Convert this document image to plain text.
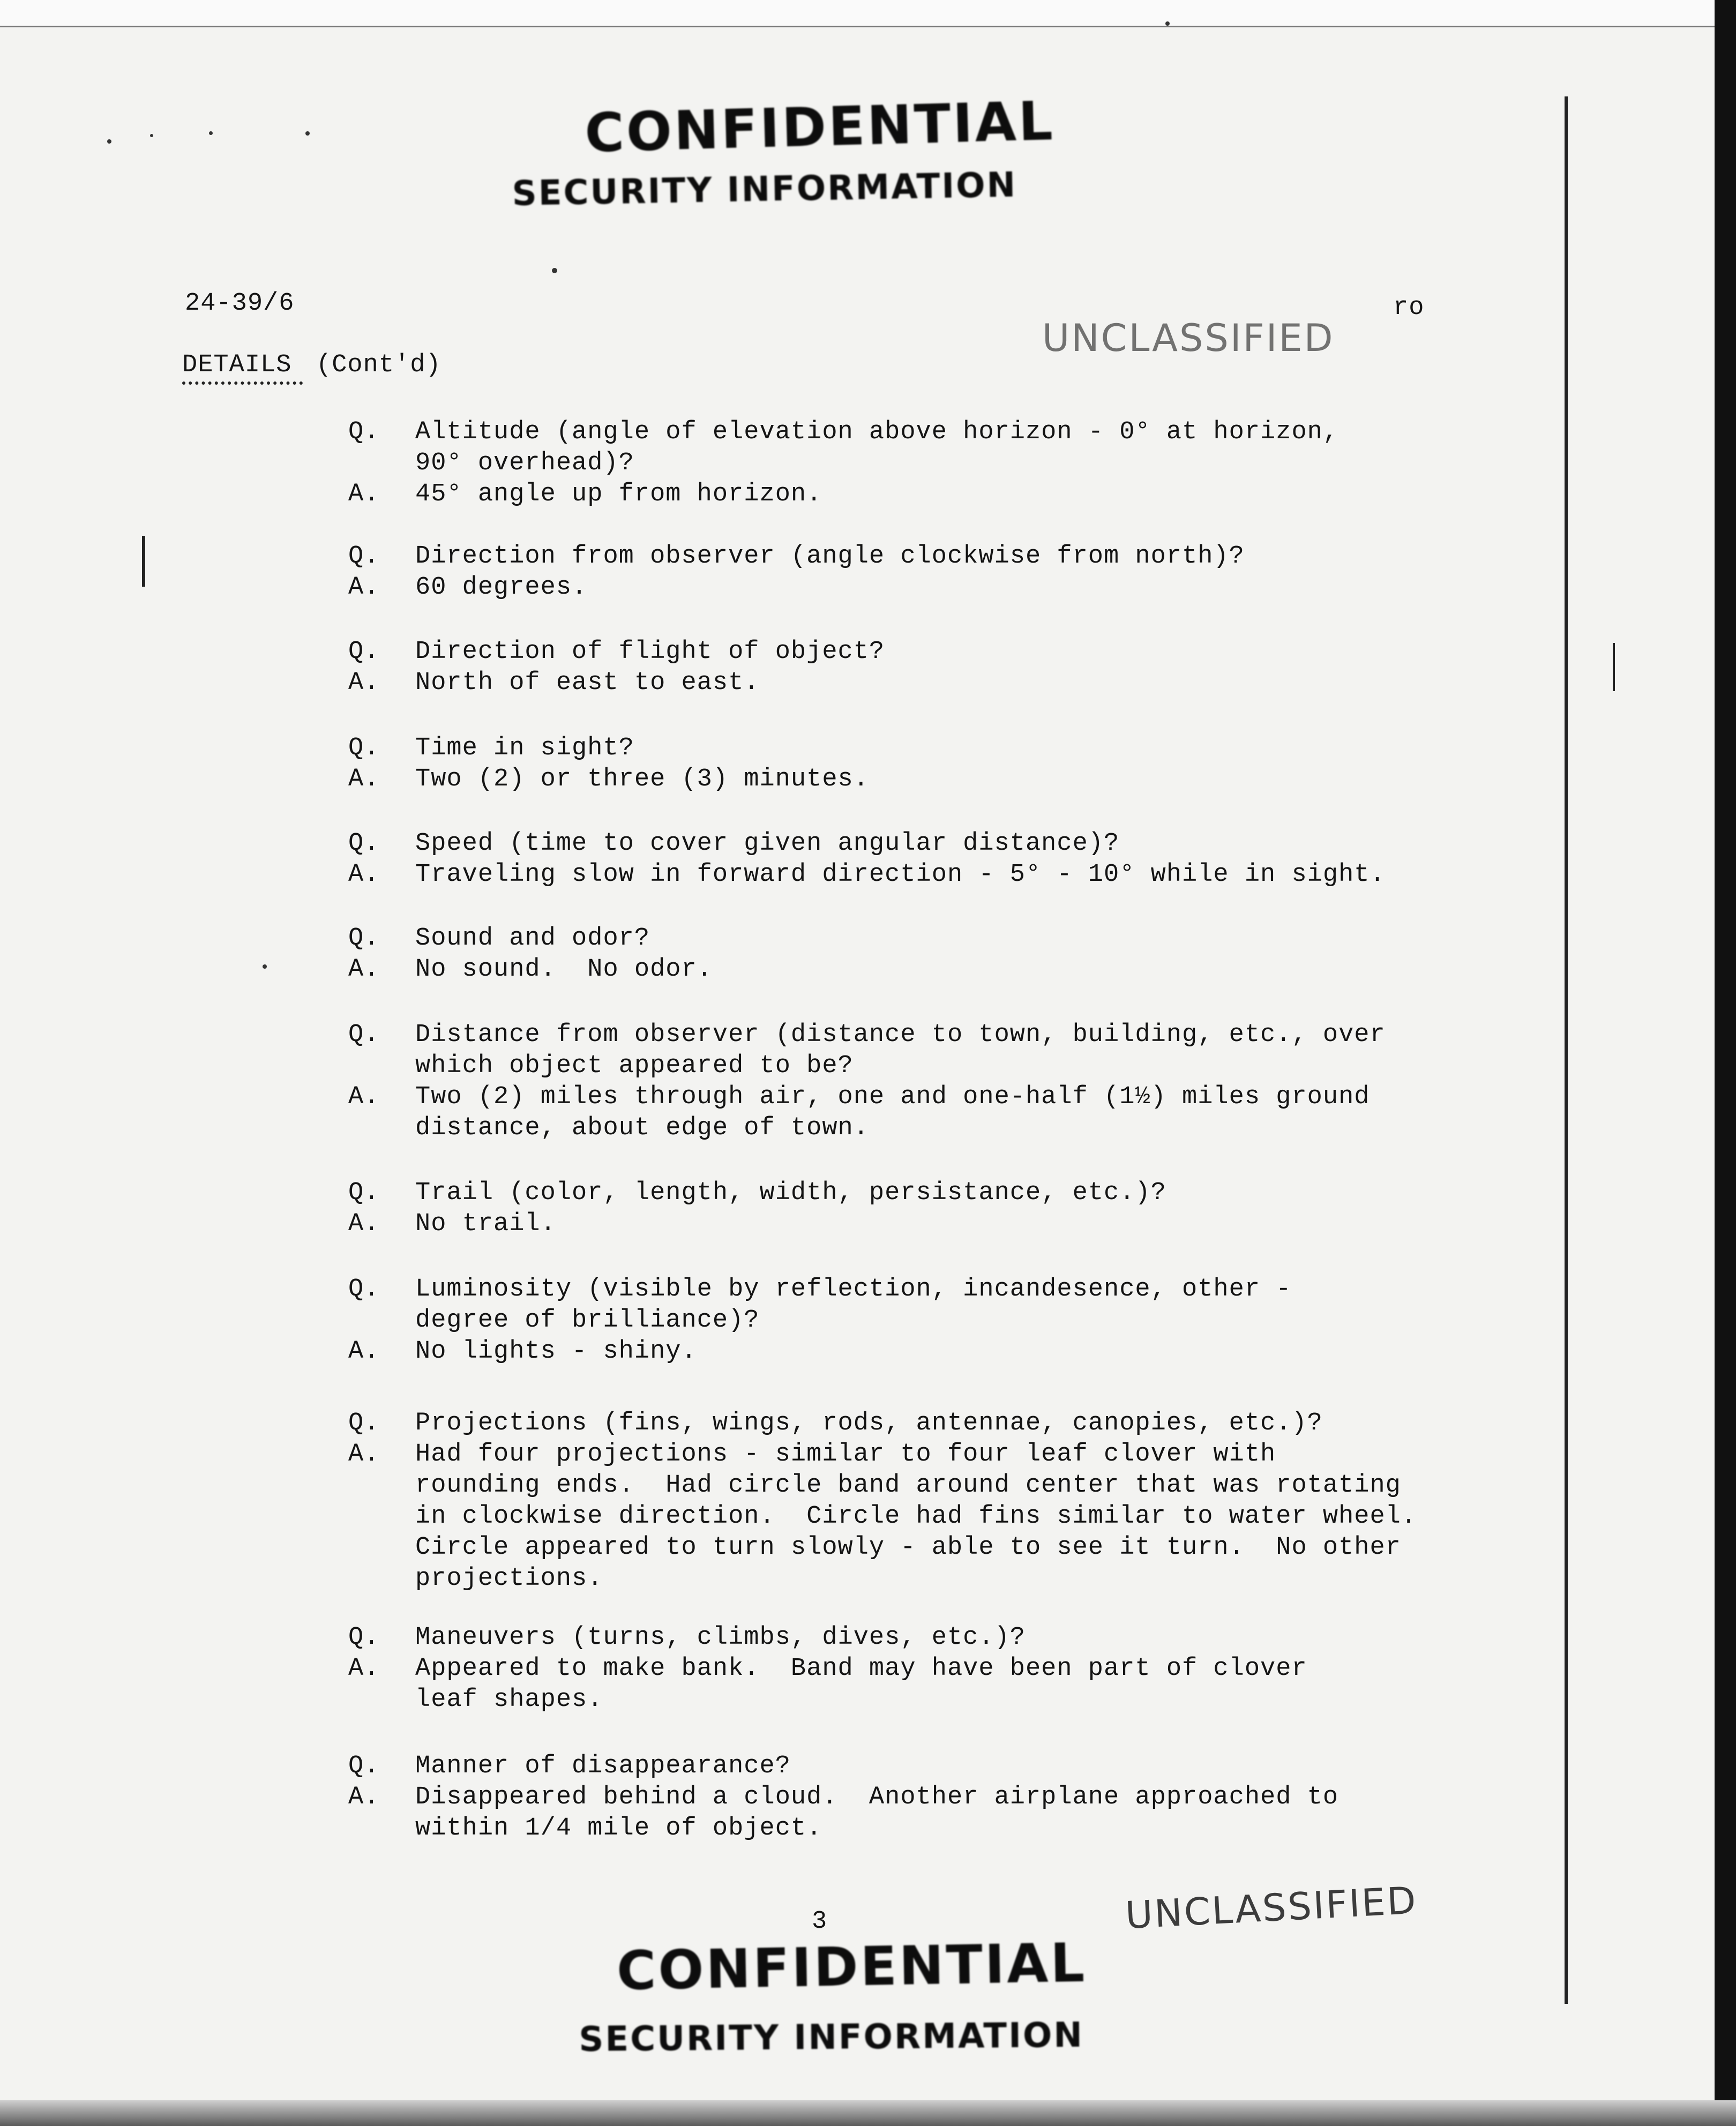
CONFIDENTIAL
SECURITY INFORMATION
24-39/6	ro
UNCLASSIFIED
DETAILS (Cont'd)
Q. Altitude (angle of elevation above horizon - 0° at horizon,
90° overhead)?
A. 45° angle up from horizon.
Q. Direction from observer (angle clockwise from north)?
A. 60 degrees.
Q. Direction of flight of object?
A. North of east to east.
Q. Time in sight?
A. Two (2) or three (3) minutes.
Q. Speed (time to cover given angular distance)?
A. Traveling slow in forward direction - 5° - 10° while in sight.
Q. Sound and odor?
A. No sound.  No odor.
Q. Distance from observer (distance to town, building, etc., over
which object appeared to be?
A. Two (2) miles through air, one and one-half (1½) miles ground
distance, about edge of town.
Q. Trail (color, length, width, persistance, etc.)?
A. No trail.
Q. Luminosity (visible by reflection, incandesence, other -
degree of brilliance)?
A. No lights - shiny.
Q. Projections (fins, wings, rods, antennae, canopies, etc.)?
A. Had four projections - similar to four leaf clover with
rounding ends.  Had circle band around center that was rotating
in clockwise direction.  Circle had fins similar to water wheel.
Circle appeared to turn slowly - able to see it turn.  No other
projections.
Q. Maneuvers (turns, climbs, dives, etc.)?
A. Appeared to make bank.  Band may have been part of clover
leaf shapes.
Q. Manner of disappearance?
A. Disappeared behind a cloud.  Another airplane approached to
within 1/4 mile of object.
3	UNCLASSIFIED
CONFIDENTIAL
SECURITY INFORMATION
